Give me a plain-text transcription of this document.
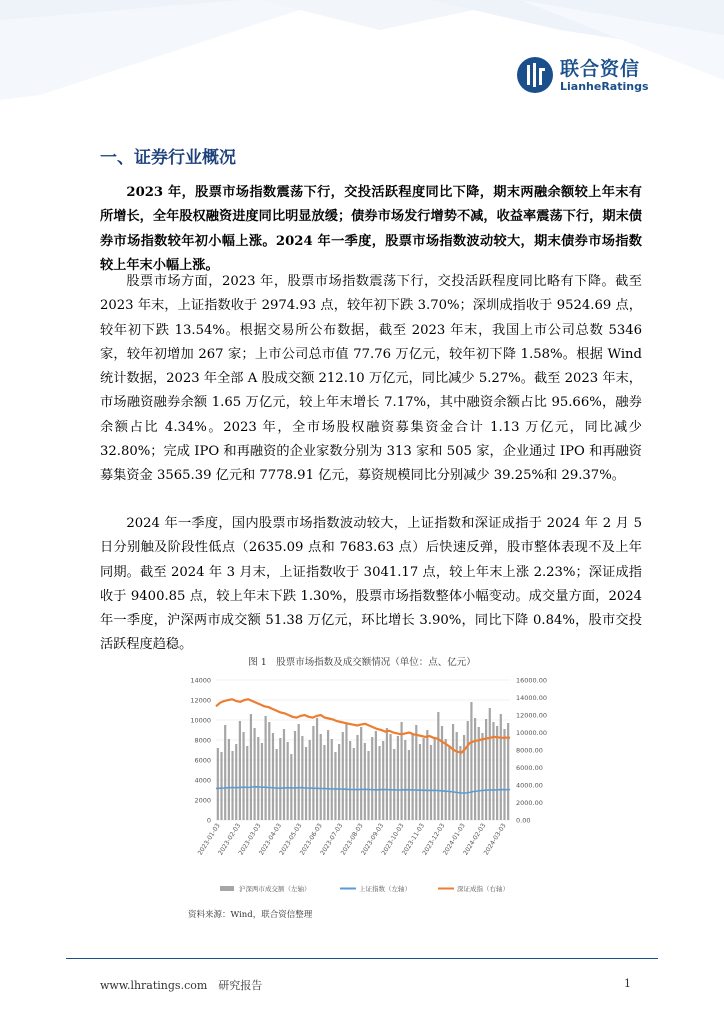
联合资信
LianheRatings
一、证券行业概况

2023 年，股票市场指数震荡下行，交投活跃程度同比下降，期末两融余额较上年末有所增长，全年股权融资进度同比明显放缓；债券市场发行增势不减，收益率震荡下行，期末债券市场指数较年初小幅上涨。2024 年一季度，股票市场指数波动较大，期末债券市场指数较上年末小幅上涨。

股票市场方面，2023 年，股票市场指数震荡下行，交投活跃程度同比略有下降。截至 2023 年末，上证指数收于 2974.93 点，较年初下跌 3.70%；深圳成指收于 9524.69 点，较年初下跌 13.54%。根据交易所公布数据，截至 2023 年末，我国上市公司总数 5346 家，较年初增加 267 家；上市公司总市值 77.76 万亿元，较年初下降 1.58%。根据 Wind 统计数据，2023 年全部 A 股成交额 212.10 万亿元，同比减少 5.27%。截至 2023 年末，市场融资融券余额 1.65 万亿元，较上年末增长 7.17%，其中融资余额占比 95.66%，融券余额占比 4.34%。2023 年，全市场股权融资募集资金合计 1.13 万亿元，同比减少 32.80%；完成 IPO 和再融资的企业家数分别为 313 家和 505 家，企业通过 IPO 和再融资募集资金 3565.39 亿元和 7778.91 亿元，募资规模同比分别减少 39.25%和 29.37%。

2024 年一季度，国内股票市场指数波动较大，上证指数和深证成指于 2024 年 2 月 5 日分别触及阶段性低点（2635.09 点和 7683.63 点）后快速反弹，股市整体表现不及上年同期。截至 2024 年 3 月末，上证指数收于 3041.17 点，较上年末上涨 2.23%；深证成指收于 9400.85 点，较上年末下跌 1.30%，股票市场指数整体小幅变动。成交量方面，2024 年一季度，沪深两市成交额 51.38 万亿元，环比增长 3.90%，同比下降 0.84%，股市交投活跃程度趋稳。

图 1　股票市场指数及成交额情况（单位：点、亿元）
0
2000
4000
6000
8000
10000
12000
14000
0.00
2000.00
4000.00
6000.00
8000.00
10000.00
12000.00
14000.00
16000.00
2023-01-03
2023-02-03
2023-03-03
2023-04-03
2023-05-03
2023-06-03
2023-07-03
2023-08-03
2023-09-03
2023-10-03
2023-11-03
2023-12-03
2024-01-03
2024-02-03
2024-03-03
沪深两市成交额（左轴）	上证指数（左轴）	深证成指（右轴）
资料来源：Wind，联合资信整理
www.lhratings.com　研究报告	1
